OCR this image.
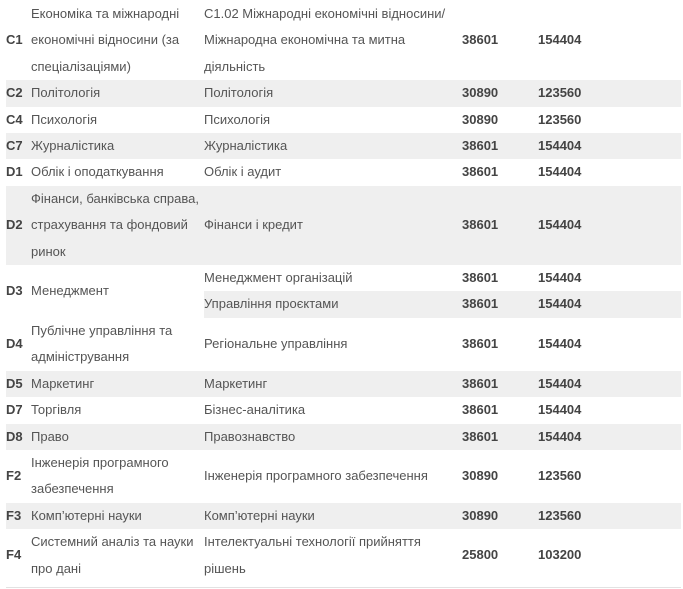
C1	Економіка та міжнародні економічні відносини (за спеціалізаціями)	С1.02 Міжнародні економічні відносини/ Міжнародна економічна та митна діяльність	38601	154404
C2	Політологія	Політологія	30890	123560
C4	Психологія	Психологія	30890	123560
C7	Журналістика	Журналістика	38601	154404
D1	Облік і оподаткування	Облік і аудит	38601	154404
D2	Фінанси, банківська справа, страхування та фондовий ринок	Фінанси і кредит	38601	154404
D3	Менеджмент	Менеджмент організацій	38601	154404
		Управління проєктами	38601	154404
D4	Публічне управління та адміністрування	Регіональне управління	38601	154404
D5	Маркетинг	Маркетинг	38601	154404
D7	Торгівля	Бізнес-аналітика	38601	154404
D8	Право	Правознавство	38601	154404
F2	Інженерія програмного забезпечення	Інженерія програмного забезпечення	30890	123560
F3	Комп’ютерні науки	Комп’ютерні науки	30890	123560
F4	Системний аналіз та науки про дані	Інтелектуальні технології прийняття рішень	25800	103200
